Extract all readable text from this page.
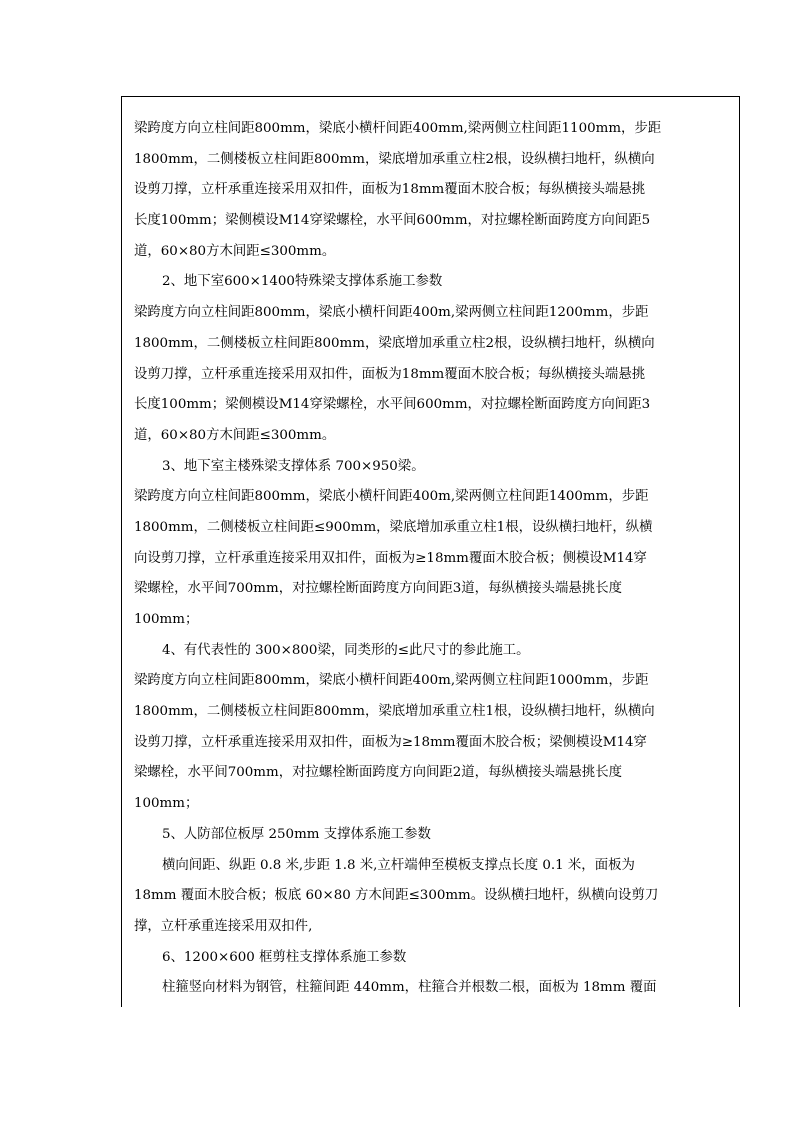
梁跨度方向立柱间距800mm，梁底小横杆间距400mm,梁两侧立柱间距1100mm，步距
1800mm，二侧楼板立柱间距800mm，梁底增加承重立柱2根，设纵横扫地杆，纵横向
设剪刀撑，立杆承重连接采用双扣件，面板为18mm覆面木胶合板；每纵横接头端悬挑
长度100mm；梁侧模设M14穿梁螺栓，水平间600mm，对拉螺栓断面跨度方向间距5
道，60×80方木间距≤300mm。
2、地下室600×1400特殊梁支撑体系施工参数
梁跨度方向立柱间距800mm，梁底小横杆间距400m,梁两侧立柱间距1200mm，步距
1800mm，二侧楼板立柱间距800mm，梁底增加承重立柱2根，设纵横扫地杆，纵横向
设剪刀撑，立杆承重连接采用双扣件，面板为18mm覆面木胶合板；每纵横接头端悬挑
长度100mm；梁侧模设M14穿梁螺栓，水平间600mm，对拉螺栓断面跨度方向间距3
道，60×80方木间距≤300mm。
3、地下室主楼殊梁支撑体系 700×950梁。
梁跨度方向立柱间距800mm，梁底小横杆间距400m,梁两侧立柱间距1400mm，步距
1800mm，二侧楼板立柱间距≤900mm，梁底增加承重立柱1根，设纵横扫地杆，纵横
向设剪刀撑，立杆承重连接采用双扣件，面板为≥18mm覆面木胶合板；侧模设M14穿
梁螺栓，水平间700mm，对拉螺栓断面跨度方向间距3道，每纵横接头端悬挑长度
100mm；
4、有代表性的 300×800梁，同类形的≤此尺寸的参此施工。
梁跨度方向立柱间距800mm，梁底小横杆间距400m,梁两侧立柱间距1000mm，步距
1800mm，二侧楼板立柱间距800mm，梁底增加承重立柱1根，设纵横扫地杆，纵横向
设剪刀撑，立杆承重连接采用双扣件，面板为≥18mm覆面木胶合板；梁侧模设M14穿
梁螺栓，水平间700mm，对拉螺栓断面跨度方向间距2道，每纵横接头端悬挑长度
100mm；
5、人防部位板厚 250mm 支撑体系施工参数
横向间距、纵距 0.8 米,步距 1.8 米,立杆端伸至模板支撑点长度 0.1 米，面板为
18mm 覆面木胶合板；板底 60×80 方木间距≤300mm。设纵横扫地杆，纵横向设剪刀
撑，立杆承重连接采用双扣件,
6、1200×600 框剪柱支撑体系施工参数
柱箍竖向材料为钢管，柱箍间距 440mm，柱箍合并根数二根，面板为 18mm 覆面
